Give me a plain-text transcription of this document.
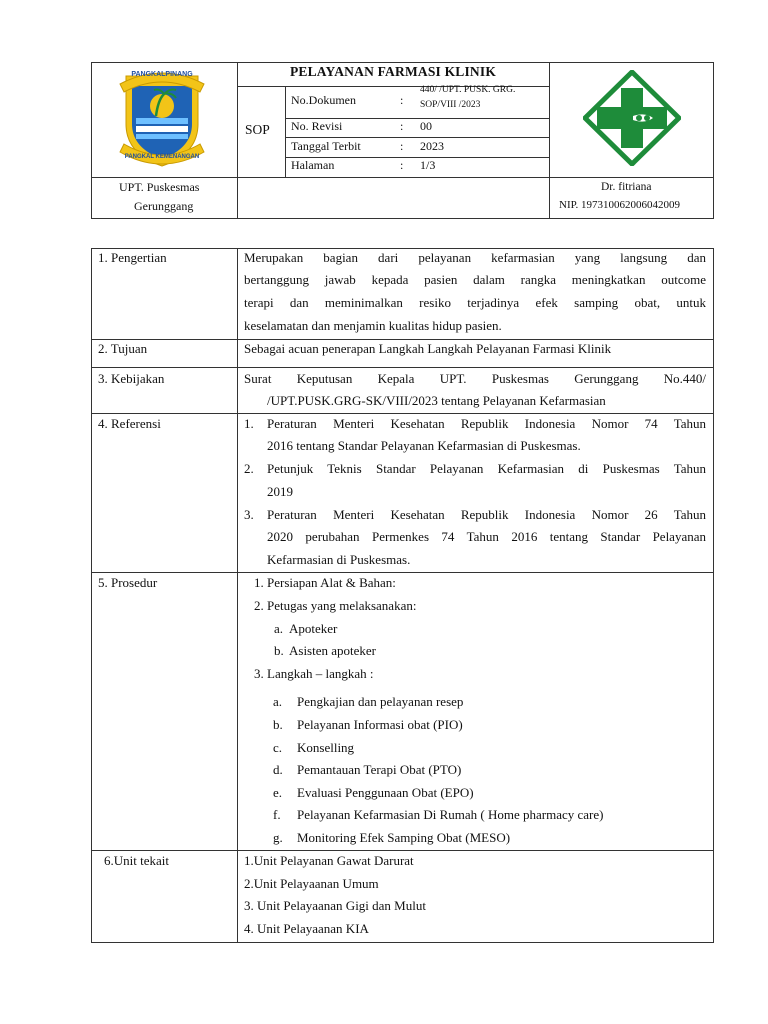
PANGKALPINANG
PANGKAL KEMENANGAN
PELAYANAN FARMASI KLINIK
SOP
No.Dokumen	:
440/ /UPT. PUSK. GRG.
SOP/VIII /2023
No. Revisi	: 00
Tanggal Terbit	: 2023
Halaman	: 1/3
UPT. Puskesmas
Gerunggang
Dr. fitriana
NIP. 197310062006042009
1. Pengertian	Merupakan bagian dari pelayanan kefarmasian yang langsung dan
bertanggung jawab kepada pasien dalam rangka meningkatkan outcome
terapi dan meminimalkan resiko terjadinya efek samping obat, untuk
keselamatan dan menjamin kualitas hidup pasien.
2. Tujuan	Sebagai acuan penerapan Langkah Langkah Pelayanan Farmasi Klinik
3. Kebijakan	Surat Keputusan Kepala UPT. Puskesmas Gerunggang No.440/
/UPT.PUSK.GRG-SK/VIII/2023 tentang Pelayanan Kefarmasian
4. Referensi	1. Peraturan Menteri Kesehatan Republik Indonesia Nomor 74 Tahun
2016 tentang Standar Pelayanan Kefarmasian di Puskesmas.
2. Petunjuk Teknis Standar Pelayanan Kefarmasian di Puskesmas Tahun
2019
3. Peraturan Menteri Kesehatan Republik Indonesia Nomor 26 Tahun
2020 perubahan Permenkes 74 Tahun 2016 tentang Standar Pelayanan
Kefarmasian di Puskesmas.
5. Prosedur	1. Persiapan Alat & Bahan:
2. Petugas yang melaksanakan:
a. Apoteker
b. Asisten apoteker
3. Langkah – langkah :
a. Pengkajian dan pelayanan resep
b. Pelayanan Informasi obat (PIO)
c. Konselling
d. Pemantauan Terapi Obat (PTO)
e. Evaluasi Penggunaan Obat (EPO)
f. Pelayanan Kefarmasian Di Rumah ( Home pharmacy care)
g. Monitoring Efek Samping Obat (MESO)
6.Unit tekait	1.Unit Pelayanan Gawat Darurat
2.Unit Pelayaanan Umum
3. Unit Pelayaanan Gigi dan Mulut
4. Unit Pelayaanan KIA
